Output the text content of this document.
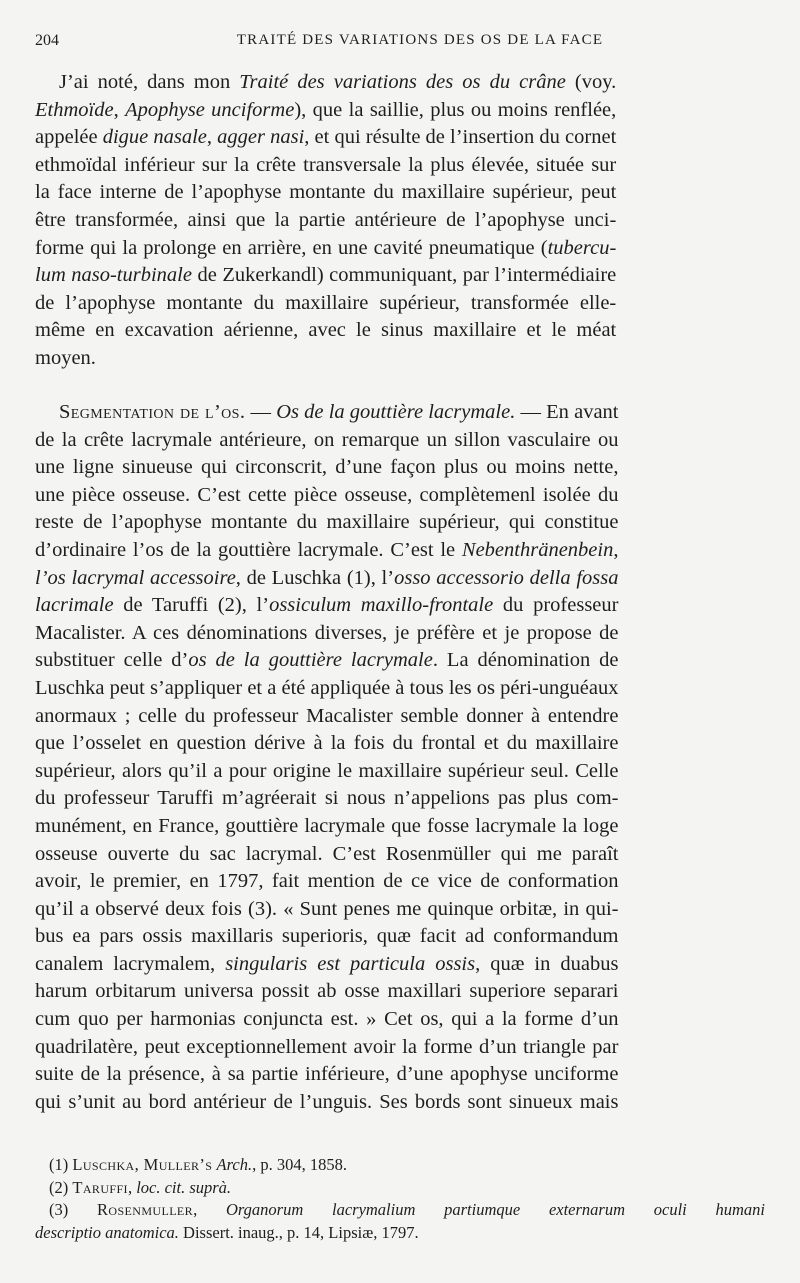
204	TRAITÉ DES VARIATIONS DES OS DE LA FACE
J’ai noté, dans mon Traité des variations des os du crâne (voy.
Ethmoïde, Apophyse unciforme), que la saillie, plus ou moins renflée,
appelée digue nasale, agger nasi, et qui résulte de l’insertion du cornet
ethmoïdal inférieur sur la crête transversale la plus élevée, située sur
la face interne de l’apophyse montante du maxillaire supérieur, peut
être transformée, ainsi que la partie antérieure de l’apophyse unci-
forme qui la prolonge en arrière, en une cavité pneumatique (tubercu-
lum naso-turbinale de Zukerkandl) communiquant, par l’intermédiaire
de l’apophyse montante du maxillaire supérieur, transformée elle-
même en excavation aérienne, avec le sinus maxillaire et le méat
moyen.
Segmentation de l’os. — Os de la gouttière lacrymale. — En avant
de la crête lacrymale antérieure, on remarque un sillon vasculaire ou
une ligne sinueuse qui circonscrit, d’une façon plus ou moins nette,
une pièce osseuse. C’est cette pièce osseuse, complètemenl isolée du
reste de l’apophyse montante du maxillaire supérieur, qui constitue
d’ordinaire l’os de la gouttière lacrymale. C’est le Nebenthränenbein,
l’os lacrymal accessoire, de Luschka (1), l’osso accessorio della fossa
lacrimale de Taruffi (2), l’ossiculum maxillo-frontale du professeur
Macalister. A ces dénominations diverses, je préfère et je propose de
substituer celle d’os de la gouttière lacrymale. La dénomination de
Luschka peut s’appliquer et a été appliquée à tous les os péri-unguéaux
anormaux ; celle du professeur Macalister semble donner à entendre
que l’osselet en question dérive à la fois du frontal et du maxillaire
supérieur, alors qu’il a pour origine le maxillaire supérieur seul. Celle
du professeur Taruffi m’agréerait si nous n’appelions pas plus com-
munément, en France, gouttière lacrymale que fosse lacrymale la loge
osseuse ouverte du sac lacrymal. C’est Rosenmüller qui me paraît
avoir, le premier, en 1797, fait mention de ce vice de conformation
qu’il a observé deux fois (3). « Sunt penes me quinque orbitæ, in qui-
bus ea pars ossis maxillaris superioris, quæ facit ad conformandum
canalem lacrymalem, singularis est particula ossis, quæ in duabus
harum orbitarum universa possit ab osse maxillari superiore separari
cum quo per harmonias conjuncta est. » Cet os, qui a la forme d’un
quadrilatère, peut exceptionnellement avoir la forme d’un triangle par
suite de la présence, à sa partie inférieure, d’une apophyse unciforme
qui s’unit au bord antérieur de l’unguis. Ses bords sont sinueux mais
(1) Luschka, Muller’s Arch., p. 304, 1858.
(2) Taruffi, loc. cit. suprà.
(3) Rosenmuller, Organorum lacrymalium partiumque externarum oculi humani
descriptio anatomica. Dissert. inaug., p. 14, Lipsiæ, 1797.
